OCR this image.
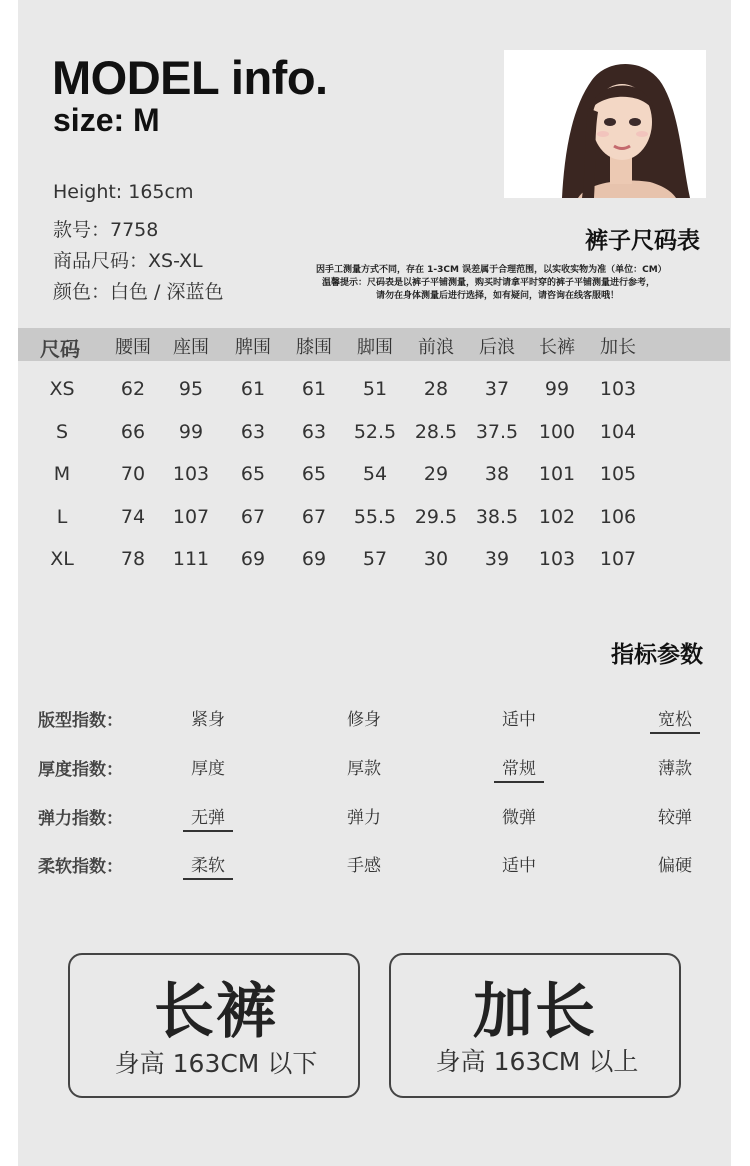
MODEL info.
size: M
Height: 165cm
款号：7758
商品尺码：XS-XL
颜色：白色 / 深蓝色
裤子尺码表
因手工测量方式不同，存在 1-3CM 误差属于合理范围，以实收实物为准（单位：CM）
温馨提示：尺码表是以裤子平铺测量，购买时请拿平时穿的裤子平铺测量进行参考，
请勿在身体测量后进行选择，如有疑问，请咨询在线客服哦！
尺码 腰围 座围 脾围 膝围 脚围 前浪 后浪 长裤 加长
XS 62 95 61 61 51 28 37 99 103
S	66 99 63 63 52.5 28.5 37.5 100 104
M	70 103 65 65 54 29 38 101 105
L	74 107 67 67 55.5 29.5 38.5 102 106
XL 78 111 69 69 57 30 39 103 107
指标参数
版型指数：	紧身	修身	适中	宽松
厚度指数：	厚度	厚款	常规	薄款
弹力指数：	无弹	弹力	微弹	较弹
柔软指数：	柔软	手感	适中	偏硬
长裤
身高 163CM 以下
加长
身高 163CM 以上
